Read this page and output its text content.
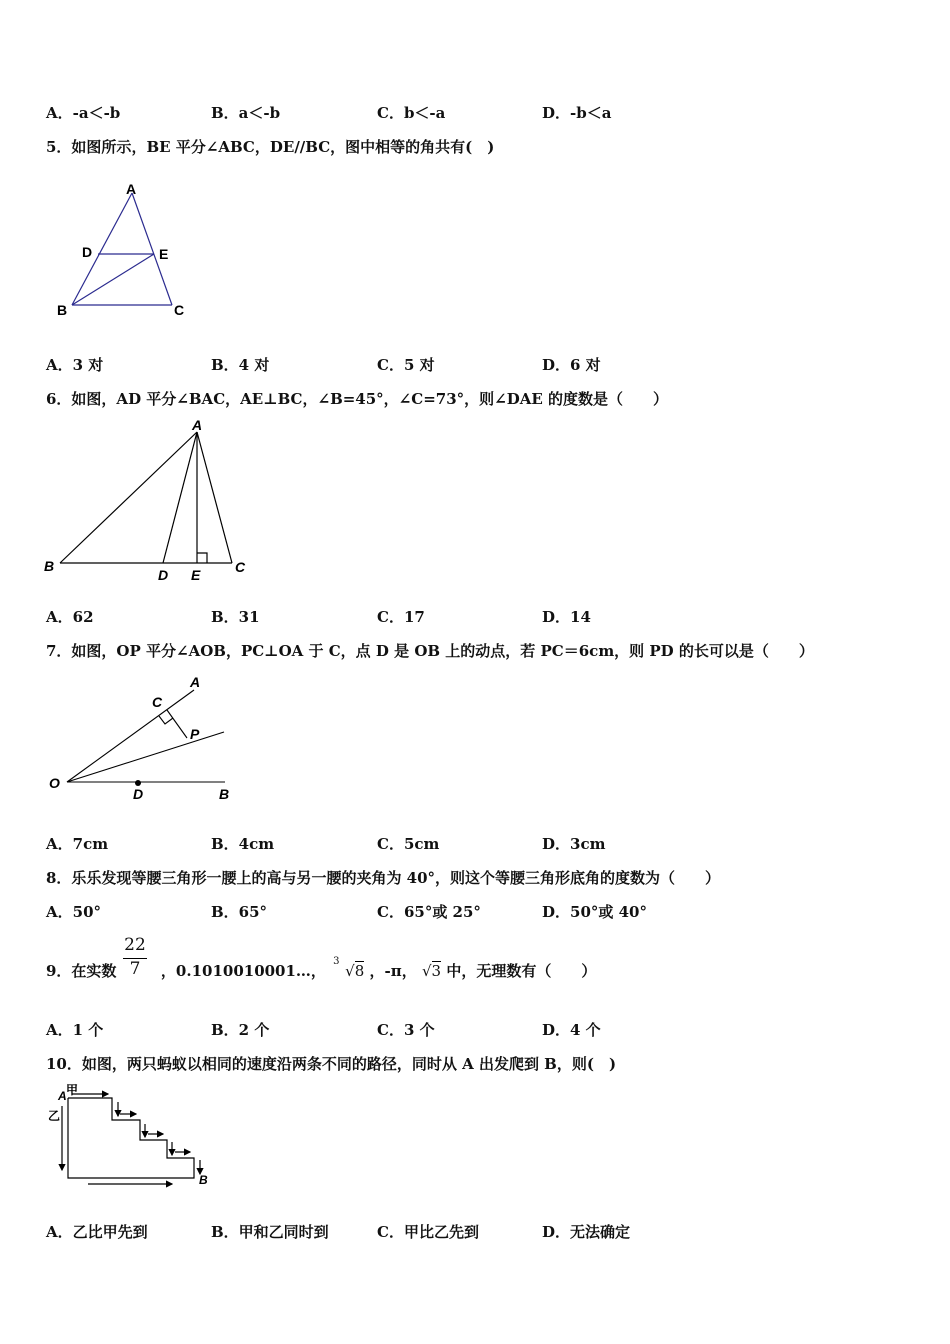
A．-a＜-b	B．a＜-b	C．b＜-a	D．-b＜a
5．如图所示，BE 平分∠ABC，DE//BC，图中相等的角共有(　)
A
D	E
B	C
A．3 对	B．4 对	C．5 对	D．6 对
6．如图，AD 平分∠BAC，AE⊥BC，∠B=45°，∠C=73°，则∠DAE 的度数是（　　）
A
B
D E C
A．62	B．31	C．17	D．14
7．如图，OP 平分∠AOB，PC⊥OA 于 C，点 D 是 OB 上的动点，若 PC＝6cm，则 PD 的长可以是（　　）
A
C
P
O
D	B
A．7cm	B．4cm	C．5cm	D．3cm
8．乐乐发现等腰三角形一腰上的高与另一腰的夹角为 40°，则这个等腰三角形底角的度数为（　　）
A．50°	B．65°	C．65°或 25°	D．50°或 40°
9．在实数	，0.1010010001…，
3
√8 ，-π， √3 中，无理数有（　　）
22
7
A．1 个	B．2 个	C．3 个	D．4 个
10．如图，两只蚂蚁以相同的速度沿两条不同的路径，同时从 A 出发爬到 B，则(　)
甲
乙
A
B
A．乙比甲先到	B．甲和乙同时到	C．甲比乙先到	D．无法确定
